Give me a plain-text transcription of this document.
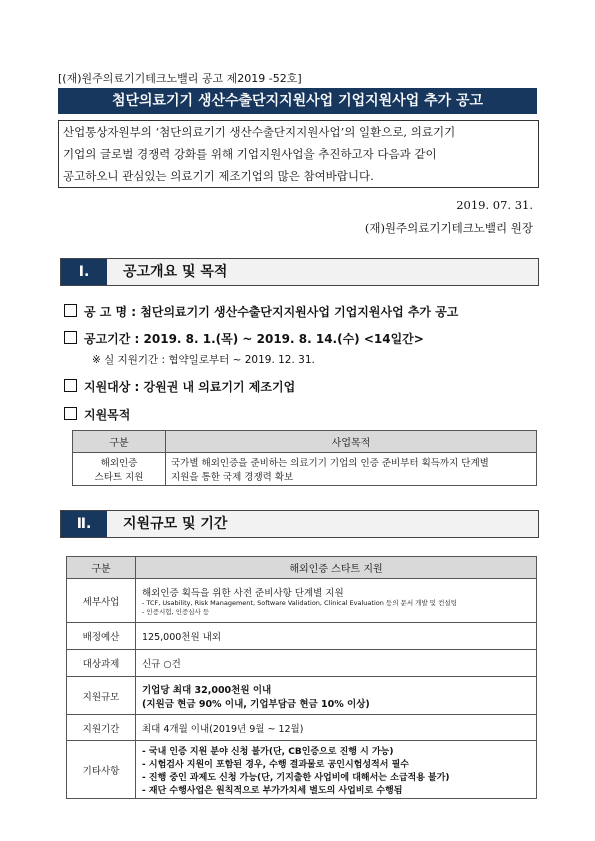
[(재)원주의료기기테크노밸리 공고 제2019 -52호]
첨단의료기기 생산수출단지지원사업 기업지원사업 추가 공고
산업통상자원부의 ‘첨단의료기기 생산수출단지지원사업’의 일환으로, 의료기기
기업의 글로벌 경쟁력 강화를 위해 기업지원사업을 추진하고자 다음과 같이
공고하오니 관심있는 의료기기 제조기업의 많은 참여바랍니다.
2019. 07. 31.
(재)원주의료기기테크노밸리 원장
Ⅰ.	공고개요 및 목적
공 고 명 : 첨단의료기기 생산수출단지지원사업 기업지원사업 추가 공고
공고기간 : 2019. 8. 1.(목) ~ 2019. 8. 14.(수) <14일간>
※ 실 지원기간 : 협약일로부터 ~ 2019. 12. 31.
지원대상 : 강원권 내 의료기기 제조기업
지원목적
구분	사업목적

해외인증
스타트 지원	국가별 해외인증을 준비하는 의료기기 기업의 인증 준비부터 획득까지 단계별
지원을 통한 국제 경쟁력 확보
Ⅱ.	지원규모 및 기간
구분	해외인증 스타트 지원
세부사업	해외인증 획득을 위한 사전 준비사항 단계별 지원
- TCF, Usability, Risk Management, Software Validation, Clinical Evaluation 등의 문서 개발 및 컨설팅
- 인증시험, 인증심사 등

배정예산	125,000천원 내외
대상과제	신규 ○건
지원규모	기업당 최대 32,000천원 이내
(지원금 현금 90% 이내, 기업부담금 현금 10% 이상)

지원기간	최대 4개월 이내(2019년 9월 ~ 12월)
기타사항	- 국내 인증 지원 분야 신청 불가(단, CB인증으로 진행 시 가능)
- 시험검사 지원이 포함된 경우, 수행 결과물로 공인시험성적서 필수
- 진행 중인 과제도 신청 가능(단, 기지출한 사업비에 대해서는 소급적용 불가)
- 재단 수행사업은 원칙적으로 부가가치세 별도의 사업비로 수행됨
